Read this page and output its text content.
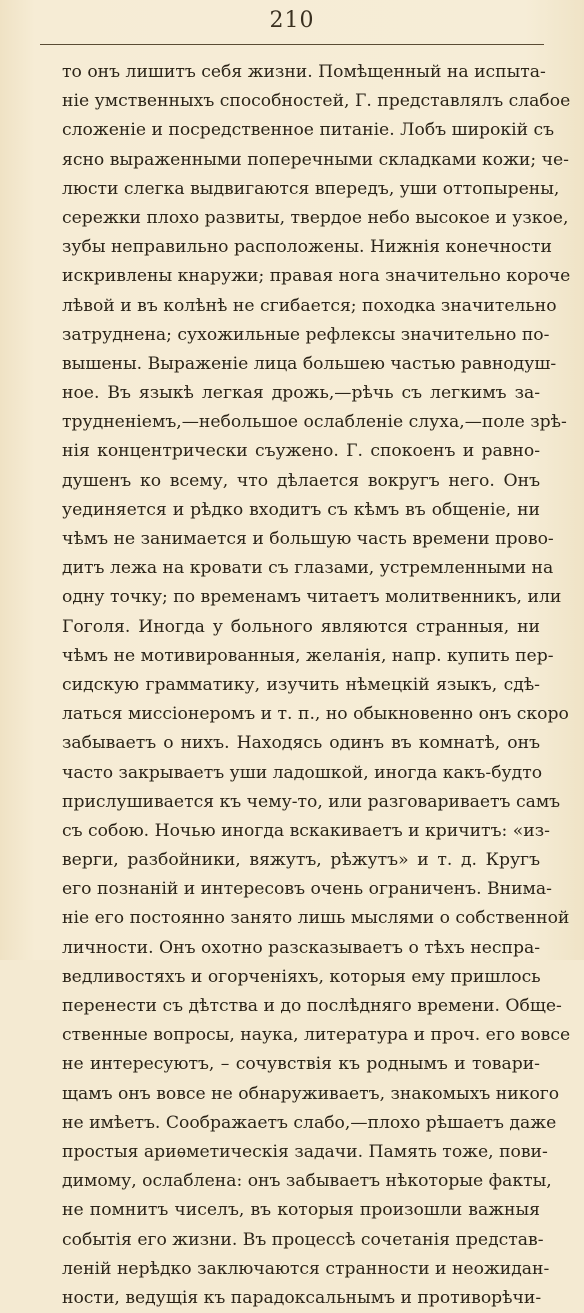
210
то онъ лишитъ себя жизни. Помѣщенный на испыта-
ніе умственныхъ способностей, Г. представлялъ слабое
сложеніе и посредственное питаніе. Лобъ широкій съ
ясно выраженными поперечными складками кожи; че-
люсти слегка выдвигаются впередъ, уши оттопырены,
сережки плохо развиты, твердое небо высокое и узкое,
зубы неправильно расположены. Нижнія конечности
искривлены кнаружи; правая нога значительно короче
лѣвой и въ колѣнѣ не сгибается; походка значительно
затруднена; сухожильные рефлексы значительно по-
вышены. Выраженіе лица большею частью равнодуш-
ное. Въ языкѣ легкая дрожь,—рѣчь съ легкимъ за-
трудненіемъ,—небольшое ослабленіе слуха,—поле зрѣ-
нія концентрически съужено. Г. спокоенъ и равно-
душенъ ко всему, что дѣлается вокругъ него. Онъ
уединяется и рѣдко входитъ съ кѣмъ въ общеніе, ни
чѣмъ не занимается и большую часть времени прово-
дитъ лежа на кровати съ глазами, устремленными на
одну точку; по временамъ читаетъ молитвенникъ, или
Гоголя. Иногда у больного являются странныя, ни
чѣмъ не мотивированныя, желанія, напр. купить пер-
сидскую грамматику, изучить нѣмецкій языкъ, сдѣ-
латься миссіонеромъ и т. п., но обыкновенно онъ скоро
забываетъ о нихъ. Находясь одинъ въ комнатѣ, онъ
часто закрываетъ уши ладошкой, иногда какъ-будто
прислушивается къ чему-то, или разговариваетъ самъ
съ собою. Ночью иногда вскакиваетъ и кричитъ: «из-
верги, разбойники, вяжутъ, рѣжутъ» и т. д. Кругъ
его познаній и интересовъ очень ограниченъ. Внима-
ніе его постоянно занято лишь мыслями о собственной
личности. Онъ охотно разсказываетъ о тѣхъ неспра-
ведливостяхъ и огорченіяхъ, которыя ему пришлось
перенести съ дѣтства и до послѣдняго времени. Обще-
ственные вопросы, наука, литература и проч. его вовсе
не интересуютъ, – сочувствія къ роднымъ и товари-
щамъ онъ вовсе не обнаруживаетъ, знакомыхъ никого
не имѣетъ. Соображаетъ слабо,—плохо рѣшаетъ даже
простыя ариѳметическія задачи. Память тоже, пови-
димому, ослаблена: онъ забываетъ нѣкоторые факты,
не помнитъ чиселъ, въ которыя произошли важныя
событія его жизни. Въ процессѣ сочетанія представ-
леній нерѣдко заключаются странности и неожидан-
ности, ведущія къ парадоксальнымъ и противорѣчи-
